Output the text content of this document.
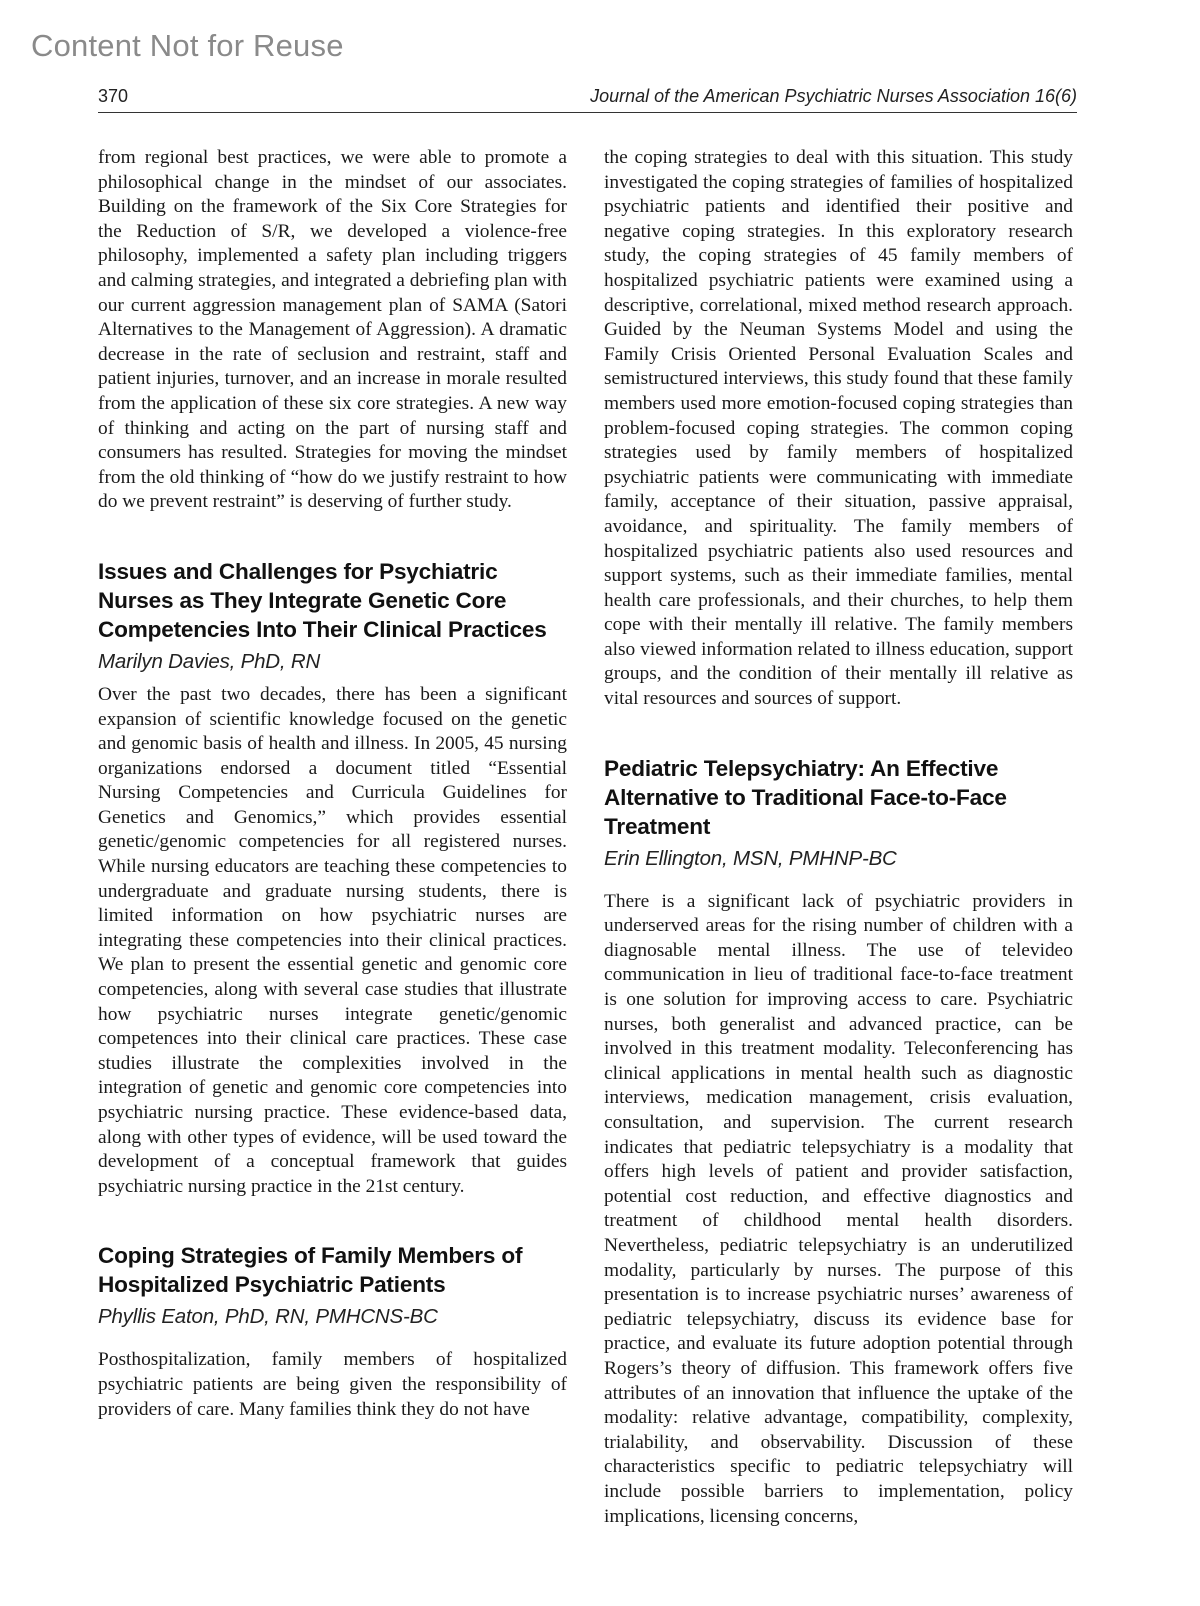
Content Not for Reuse
370	Journal of the American Psychiatric Nurses Association 16(6)

from regional best practices, we were able to promote a philosophical change in the mindset of our associates. Building on the framework of the Six Core Strategies for the Reduction of S/R, we developed a violence-free philosophy, implemented a safety plan including triggers and calming strategies, and integrated a debriefing plan with our current aggression management plan of SAMA (Satori Alternatives to the Management of Aggression). A dramatic decrease in the rate of seclusion and restraint, staff and patient injuries, turnover, and an increase in morale resulted from the application of these six core strategies. A new way of thinking and acting on the part of nursing staff and consumers has resulted. Strategies for moving the mindset from the old thinking of “how do we justify restraint to how do we prevent restraint” is deserving of further study.

Issues and Challenges for Psychiatric Nurses as They Integrate Genetic Core Competencies Into Their Clinical Practices
Marilyn Davies, PhD, RN

Over the past two decades, there has been a significant expansion of scientific knowledge focused on the genetic and genomic basis of health and illness. In 2005, 45 nursing organizations endorsed a document titled “Essential Nursing Competencies and Curricula Guidelines for Genetics and Genomics,” which provides essential genetic/genomic competencies for all registered nurses. While nursing educators are teaching these competencies to undergraduate and graduate nursing students, there is limited information on how psychiatric nurses are integrating these competencies into their clinical practices. We plan to present the essential genetic and genomic core competencies, along with several case studies that illustrate how psychiatric nurses integrate genetic/genomic competences into their clinical care practices. These case studies illustrate the complexities involved in the integration of genetic and genomic core competencies into psychiatric nursing practice. These evidence-based data, along with other types of evidence, will be used toward the development of a conceptual framework that guides psychiatric nursing practice in the 21st century.

Coping Strategies of Family Members of Hospitalized Psychiatric Patients
Phyllis Eaton, PhD, RN, PMHCNS-BC

Posthospitalization, family members of hospitalized psychiatric patients are being given the responsibility of providers of care. Many families think they do not have

the coping strategies to deal with this situation. This study investigated the coping strategies of families of hospitalized psychiatric patients and identified their positive and negative coping strategies. In this exploratory research study, the coping strategies of 45 family members of hospitalized psychiatric patients were examined using a descriptive, correlational, mixed method research approach. Guided by the Neuman Systems Model and using the Family Crisis Oriented Personal Evaluation Scales and semistructured interviews, this study found that these family members used more emotion-focused coping strategies than problem-focused coping strategies. The common coping strategies used by family members of hospitalized psychiatric patients were communicating with immediate family, acceptance of their situation, passive appraisal, avoidance, and spirituality. The family members of hospitalized psychiatric patients also used resources and support systems, such as their immediate families, mental health care professionals, and their churches, to help them cope with their mentally ill relative. The family members also viewed information related to illness education, support groups, and the condition of their mentally ill relative as vital resources and sources of support.

Pediatric Telepsychiatry: An Effective Alternative to Traditional Face-to-Face Treatment
Erin Ellington, MSN, PMHNP-BC

There is a significant lack of psychiatric providers in underserved areas for the rising number of children with a diagnosable mental illness. The use of televideo communication in lieu of traditional face-to-face treatment is one solution for improving access to care. Psychiatric nurses, both generalist and advanced practice, can be involved in this treatment modality. Teleconferencing has clinical applications in mental health such as diagnostic interviews, medication management, crisis evaluation, consultation, and supervision. The current research indicates that pediatric telepsychiatry is a modality that offers high levels of patient and provider satisfaction, potential cost reduction, and effective diagnostics and treatment of childhood mental health disorders. Nevertheless, pediatric telepsychiatry is an underutilized modality, particularly by nurses. The purpose of this presentation is to increase psychiatric nurses’ awareness of pediatric telepsychiatry, discuss its evidence base for practice, and evaluate its future adoption potential through Rogers’s theory of diffusion. This framework offers five attributes of an innovation that influence the uptake of the modality: relative advantage, compatibility, complexity, trialability, and observability. Discussion of these characteristics specific to pediatric telepsychiatry will include possible barriers to implementation, policy implications, licensing concerns,
